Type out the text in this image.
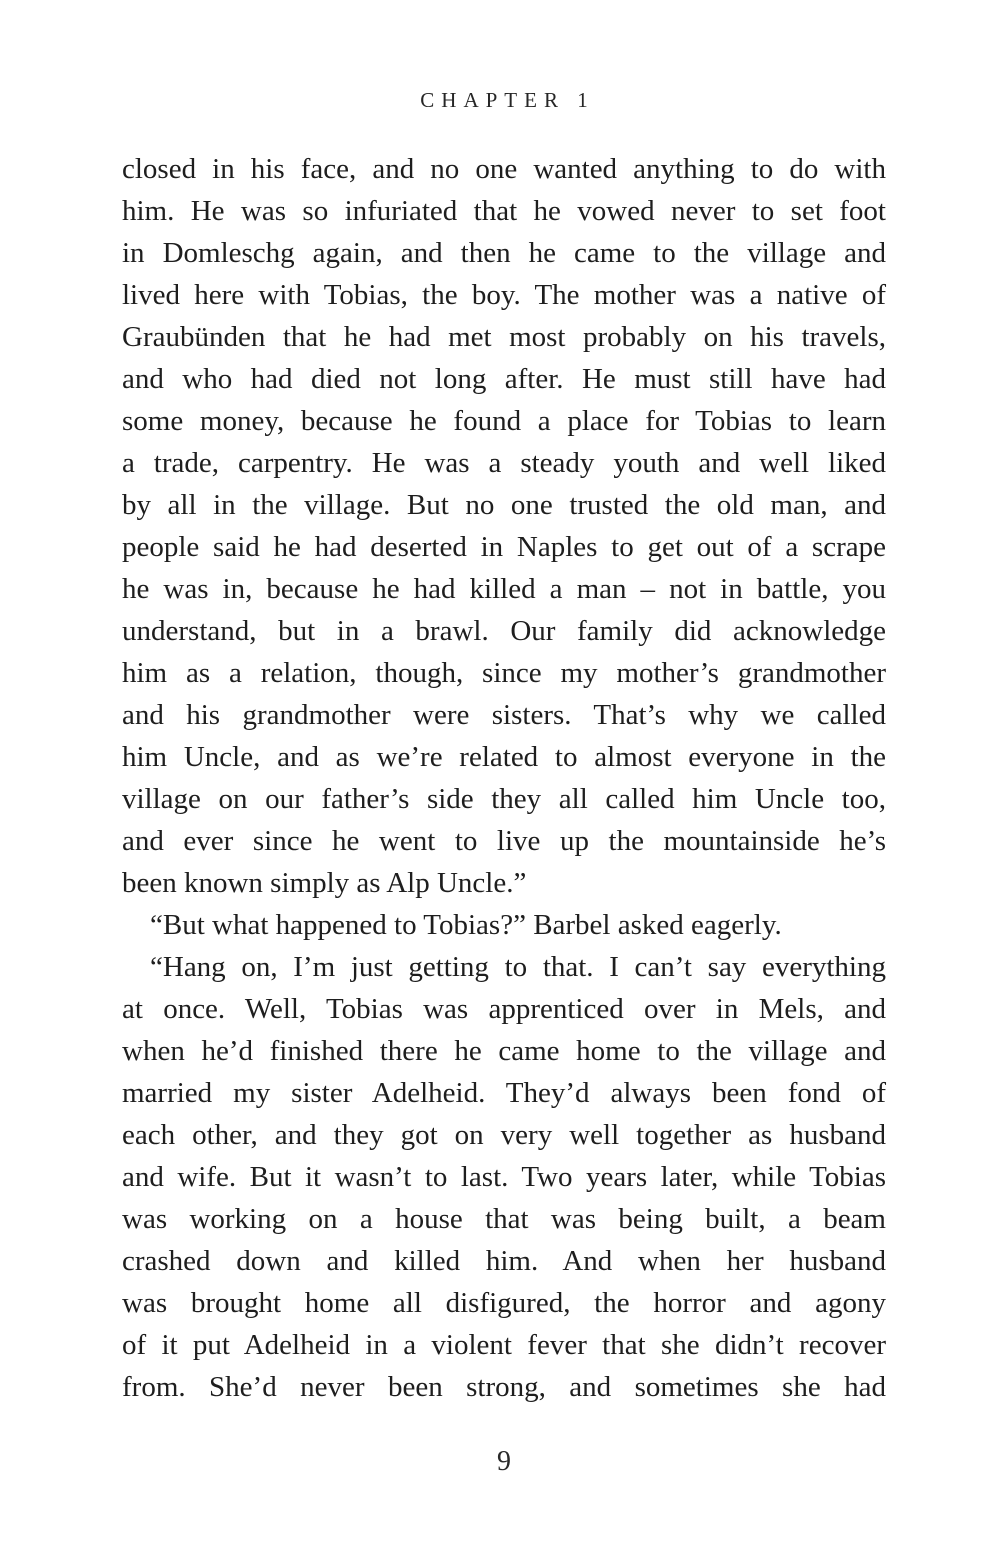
CHAPTER 1
closed in his face, and no one wanted anything to do with
him. He was so infuriated that he vowed never to set foot
in Domleschg again, and then he came to the village and
lived here with Tobias, the boy. The mother was a native of
Graubünden that he had met most probably on his travels,
and who had died not long after. He must still have had
some money, because he found a place for Tobias to learn
a trade, carpentry. He was a steady youth and well liked
by all in the village. But no one trusted the old man, and
people said he had deserted in Naples to get out of a scrape
he was in, because he had killed a man – not in battle, you
understand, but in a brawl. Our family did acknowledge
him as a relation, though, since my mother’s grandmother
and his grandmother were sisters. That’s why we called
him Uncle, and as we’re related to almost everyone in the
village on our father’s side they all called him Uncle too,
and ever since he went to live up the mountainside he’s
been known simply as Alp Uncle.”
“But what happened to Tobias?” Barbel asked eagerly.
“Hang on, I’m just getting to that. I can’t say everything
at once. Well, Tobias was apprenticed over in Mels, and
when he’d finished there he came home to the village and
married my sister Adelheid. They’d always been fond of
each other, and they got on very well together as husband
and wife. But it wasn’t to last. Two years later, while Tobias
was working on a house that was being built, a beam
crashed down and killed him. And when her husband
was brought home all disfigured, the horror and agony
of it put Adelheid in a violent fever that she didn’t recover
from. She’d never been strong, and sometimes she had
9
